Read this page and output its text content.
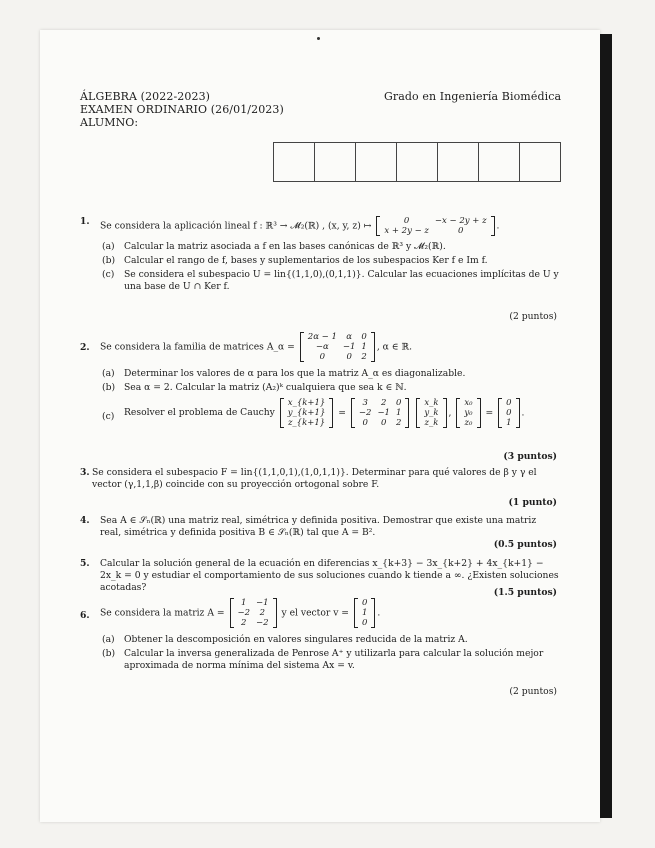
ÁLGEBRA (2022-2023)
EXAMEN ORDINARIO (26/01/2023)
ALUMNO:
Grado en Ingeniería Biomédica
1. Se considera la aplicación lineal f : ℝ³ → 𝓜₂(ℝ) , (x, y, z) ↦	0	−x − 2y + z
x + 2y − z	0	.
(a) Calcular la matriz asociada a f en las bases canónicas de ℝ³ y 𝓜₂(ℝ).
(b) Calcular el rango de f, bases y suplementarios de los subespacios Ker f e Im f.
(c) Se considera el subespacio U = lin{(1,1,0),(0,1,1)}. Calcular las ecuaciones implícitas de U y una base de U ∩ Ker f.
(2 puntos)
2. Se considera la familia de matrices A_α =
2α − 1	α	0
−α	−1	1
0	0	2
, α ∈ ℝ.
(a) Determinar los valores de α para los que la matriz A_α es diagonalizable.
(b) Sea α = 2. Calcular la matriz (A₂)ᵏ cualquiera que sea k ∈ ℕ.
(c) Resolver el problema de Cauchy
x_{k+1}
y_{k+1}
z_{k+1}
=
3	2	0
−2	−1	1
0	0	2

x_k
y_k
z_k
,
x₀
y₀
z₀
=
0
0
1
.
(3 puntos)
3. Se considera el subespacio F = lin{(1,1,0,1),(1,0,1,1)}. Determinar para qué valores de β y γ el vector (γ,1,1,β) coincide con su proyección ortogonal sobre F.
(1 punto)
4. Sea A ∈ 𝒮ₙ(ℝ) una matriz real, simétrica y definida positiva. Demostrar que existe una matriz real, simétrica y definida positiva B ∈ 𝒮ₙ(ℝ) tal que A = B².
(0.5 puntos)
5. Calcular la solución general de la ecuación en diferencias x_{k+3} − 3x_{k+2} + 4x_{k+1} − 2x_k = 0 y estudiar el comportamiento de sus soluciones cuando k tiende a ∞. ¿Existen soluciones acotadas?	(1.5 puntos)
6. Se considera la matriz A =
1	−1
−2	2
2	−2
y el vector v =
0
1
0
.
(a) Obtener la descomposición en valores singulares reducida de la matriz A.
(b) Calcular la inversa generalizada de Penrose A⁺ y utilizarla para calcular la solución mejor aproximada de norma mínima del sistema Ax = v.
(2 puntos)
